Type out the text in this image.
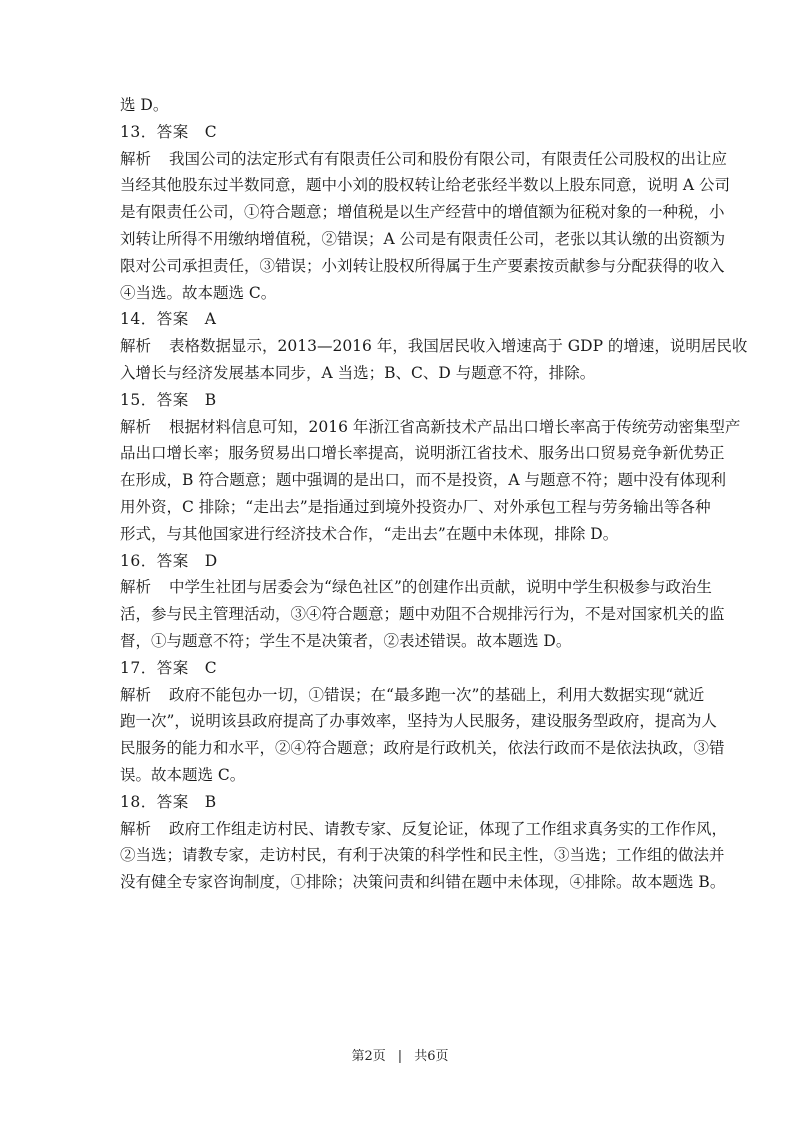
选 D。
13．答案 C
解析 我国公司的法定形式有有限责任公司和股份有限公司，有限责任公司股权的出让应
当经其他股东过半数同意，题中小刘的股权转让给老张经半数以上股东同意，说明 A 公司
是有限责任公司，①符合题意；增值税是以生产经营中的增值额为征税对象的一种税，小
刘转让所得不用缴纳增值税，②错误；A 公司是有限责任公司，老张以其认缴的出资额为
限对公司承担责任，③错误；小刘转让股权所得属于生产要素按贡献参与分配获得的收入
④当选。故本题选 C。
14．答案 A
解析 表格数据显示，2013—2016 年，我国居民收入增速高于 GDP 的增速，说明居民收
入增长与经济发展基本同步，A 当选；B、C、D 与题意不符，排除。
15．答案 B
解析 根据材料信息可知，2016 年浙江省高新技术产品出口增长率高于传统劳动密集型产
品出口增长率；服务贸易出口增长率提高，说明浙江省技术、服务出口贸易竞争新优势正
在形成，B 符合题意；题中强调的是出口，而不是投资，A 与题意不符；题中没有体现利
用外资，C 排除；“走出去”是指通过到境外投资办厂、对外承包工程与劳务输出等各种
形式，与其他国家进行经济技术合作，“走出去”在题中未体现，排除 D。
16．答案 D
解析 中学生社团与居委会为“绿色社区”的创建作出贡献，说明中学生积极参与政治生
活，参与民主管理活动，③④符合题意；题中劝阻不合规排污行为，不是对国家机关的监
督，①与题意不符；学生不是决策者，②表述错误。故本题选 D。
17．答案 C
解析 政府不能包办一切，①错误；在“最多跑一次”的基础上，利用大数据实现“就近
跑一次”，说明该县政府提高了办事效率，坚持为人民服务，建设服务型政府，提高为人
民服务的能力和水平，②④符合题意；政府是行政机关，依法行政而不是依法执政，③错
误。故本题选 C。
18．答案 B
解析 政府工作组走访村民、请教专家、反复论证，体现了工作组求真务实的工作作风，
②当选；请教专家，走访村民，有利于决策的科学性和民主性，③当选；工作组的做法并
没有健全专家咨询制度，①排除；决策问责和纠错在题中未体现，④排除。故本题选 B。
第2页 | 共6页
